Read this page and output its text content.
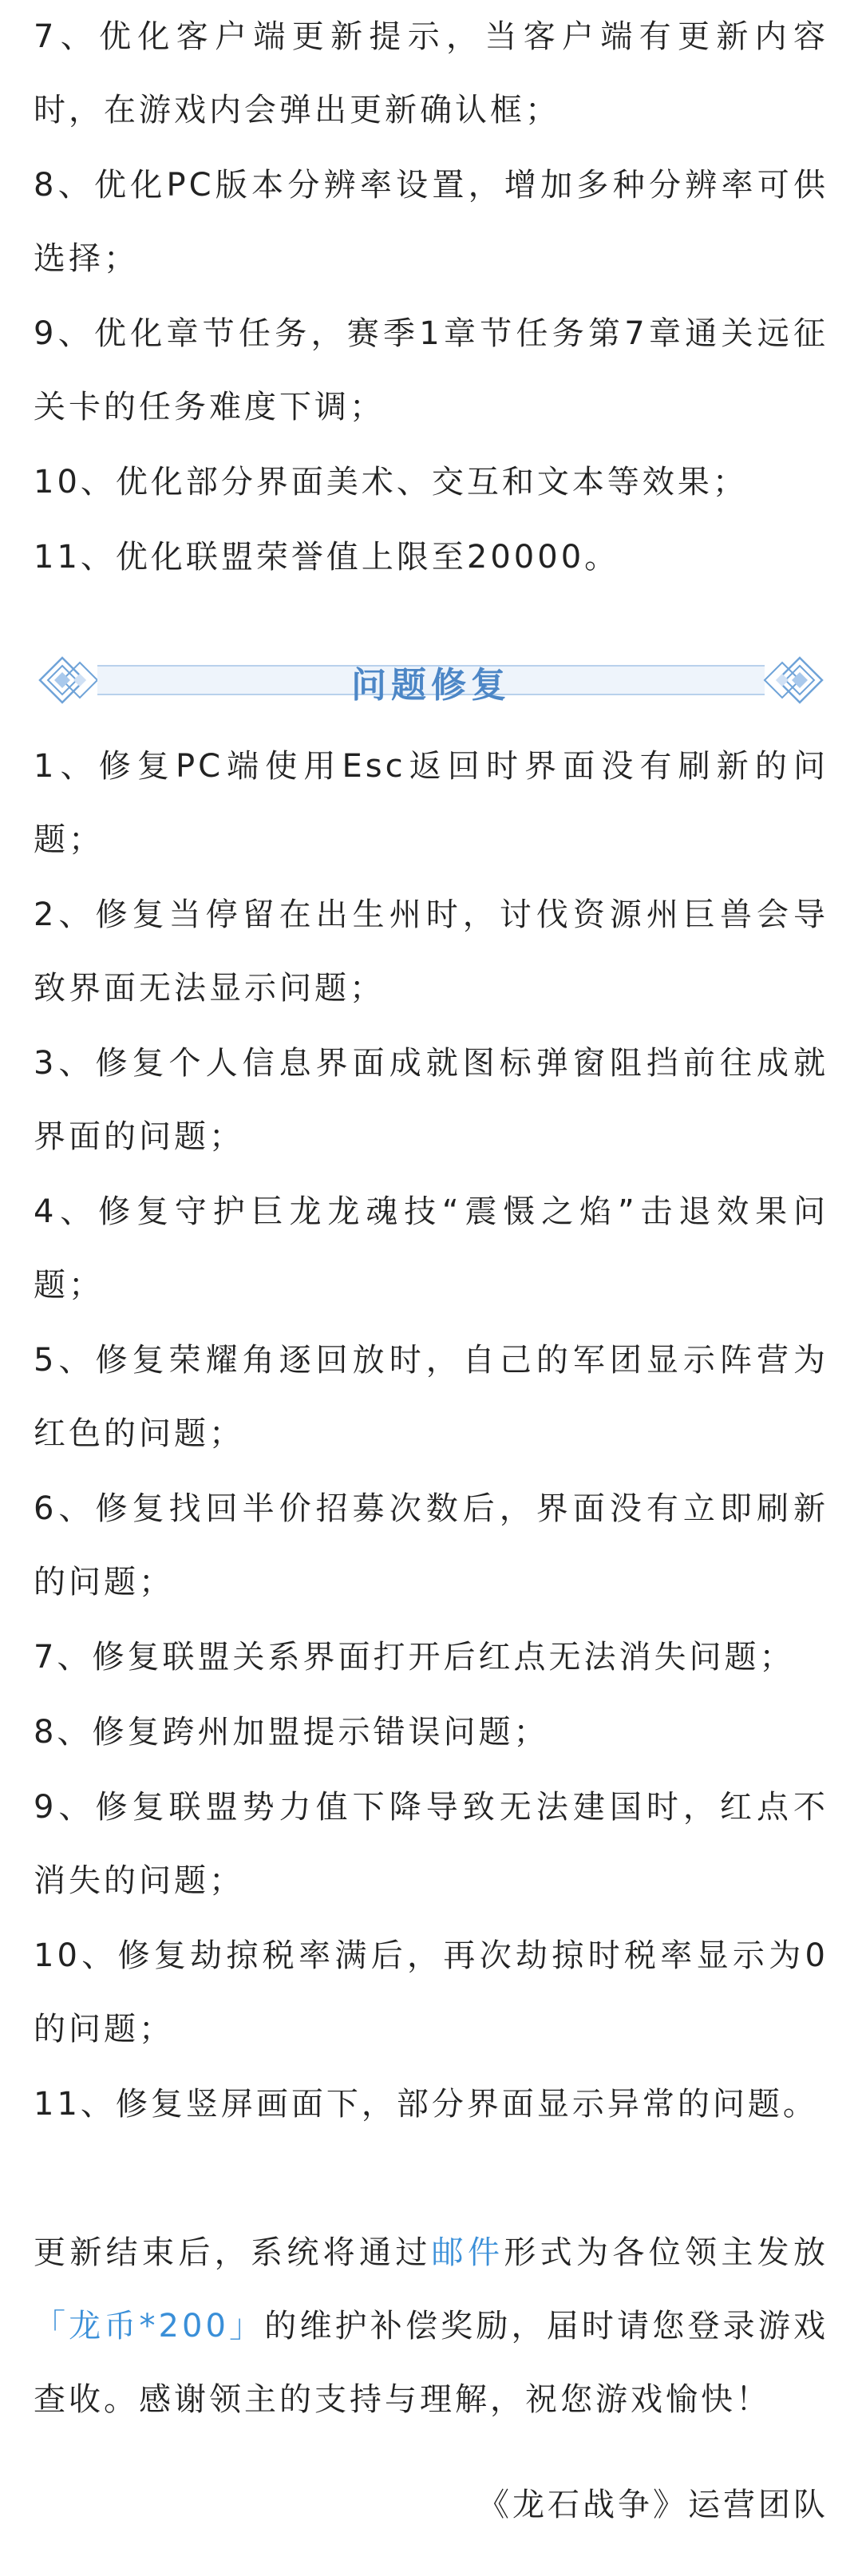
7、优化客户端更新提示，当客户端有更新内容时，在游戏内会弹出更新确认框；

8、优化PC版本分辨率设置，增加多种分辨率可供选择；

9、优化章节任务，赛季1章节任务第7章通关远征关卡的任务难度下调；

10、优化部分界面美术、交互和文本等效果；

11、优化联盟荣誉值上限至20000。

问题修复

1、修复PC端使用Esc返回时界面没有刷新的问题；

2、修复当停留在出生州时，讨伐资源州巨兽会导致界面无法显示问题；

3、修复个人信息界面成就图标弹窗阻挡前往成就界面的问题；

4、修复守护巨龙龙魂技“震慑之焰”击退效果问题；

5、修复荣耀角逐回放时，自己的军团显示阵营为红色的问题；

6、修复找回半价招募次数后，界面没有立即刷新的问题；

7、修复联盟关系界面打开后红点无法消失问题；

8、修复跨州加盟提示错误问题；

9、修复联盟势力值下降导致无法建国时，红点不消失的问题；

10、修复劫掠税率满后，再次劫掠时税率显示为0的问题；

11、修复竖屏画面下，部分界面显示异常的问题。

更新结束后，系统将通过邮件形式为各位领主发放「龙币*200」的维护补偿奖励，届时请您登录游戏查收。感谢领主的支持与理解，祝您游戏愉快！

《龙石战争》运营团队
